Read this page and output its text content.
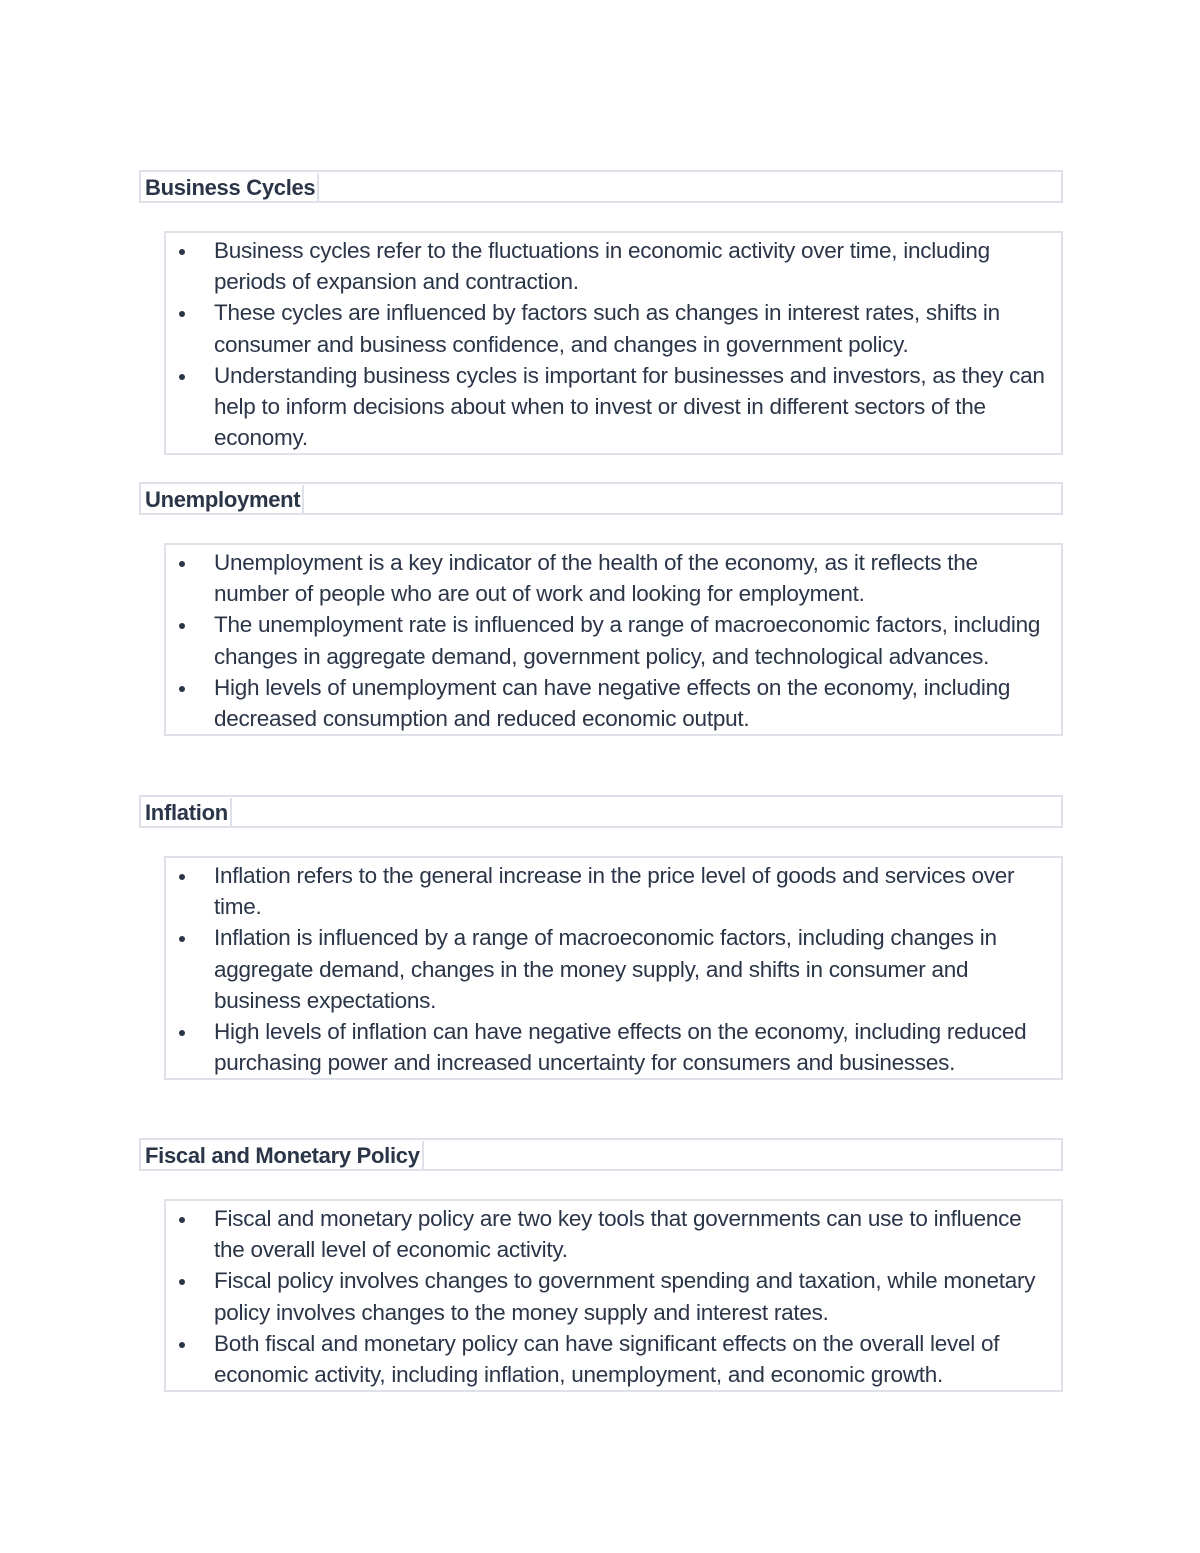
Business Cycles
Business cycles refer to the fluctuations in economic activity over time, including periods of expansion and contraction.
These cycles are influenced by factors such as changes in interest rates, shifts in consumer and business confidence, and changes in government policy.
Understanding business cycles is important for businesses and investors, as they can help to inform decisions about when to invest or divest in different sectors of the economy.
Unemployment
Unemployment is a key indicator of the health of the economy, as it reflects the number of people who are out of work and looking for employment.
The unemployment rate is influenced by a range of macroeconomic factors, including changes in aggregate demand, government policy, and technological advances.
High levels of unemployment can have negative effects on the economy, including decreased consumption and reduced economic output.
Inflation
Inflation refers to the general increase in the price level of goods and services over time.
Inflation is influenced by a range of macroeconomic factors, including changes in aggregate demand, changes in the money supply, and shifts in consumer and business expectations.
High levels of inflation can have negative effects on the economy, including reduced purchasing power and increased uncertainty for consumers and businesses.
Fiscal and Monetary Policy
Fiscal and monetary policy are two key tools that governments can use to influence the overall level of economic activity.
Fiscal policy involves changes to government spending and taxation, while monetary policy involves changes to the money supply and interest rates.
Both fiscal and monetary policy can have significant effects on the overall level of economic activity, including inflation, unemployment, and economic growth.
